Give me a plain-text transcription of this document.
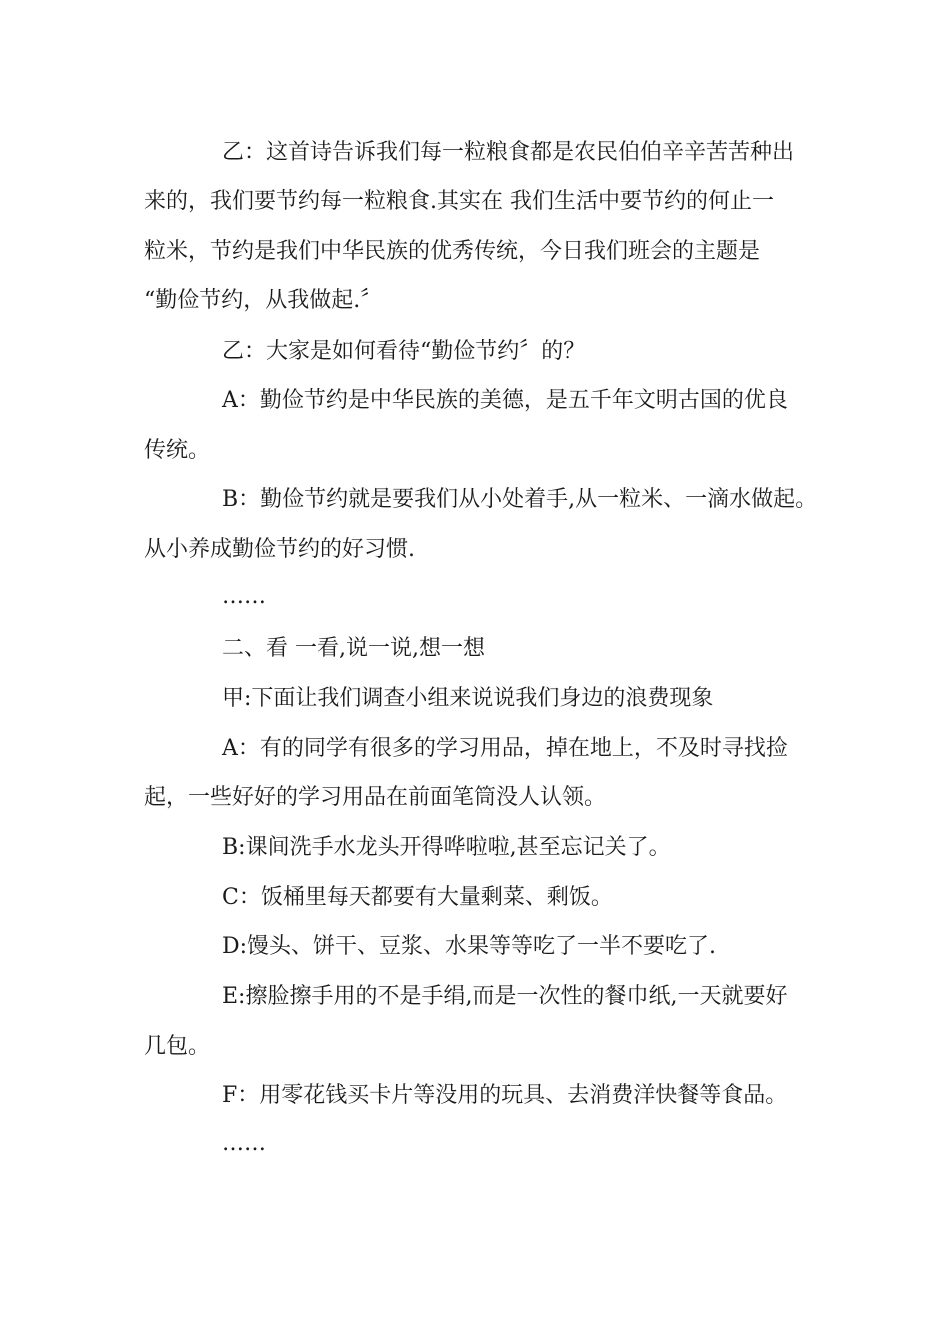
乙：这首诗告诉我们每一粒粮食都是农民伯伯辛辛苦苦种出
来的，我们要节约每一粒粮食.其实在 我们生活中要节约的何止一
粒米，节约是我们中华民族的优秀传统，今日我们班会的主题是
“勤俭节约，从我做起.〞
乙：大家是如何看待“勤俭节约〞的？
A：勤俭节约是中华民族的美德，是五千年文明古国的优良
传统。
B：勤俭节约就是要我们从小处着手,从一粒米、一滴水做起。
从小养成勤俭节约的好习惯.
……
二、看 一看,说一说,想一想
甲:下面让我们调查小组来说说我们身边的浪费现象
A：有的同学有很多的学习用品，掉在地上，不及时寻找捡
起，一些好好的学习用品在前面笔筒没人认领。
B:课间洗手水龙头开得哗啦啦,甚至忘记关了。
C：饭桶里每天都要有大量剩菜、剩饭。
D:馒头、饼干、豆浆、水果等等吃了一半不要吃了.
E:擦脸擦手用的不是手绢,而是一次性的餐巾纸,一天就要好
几包。
F：用零花钱买卡片等没用的玩具、去消费洋快餐等食品。
……
